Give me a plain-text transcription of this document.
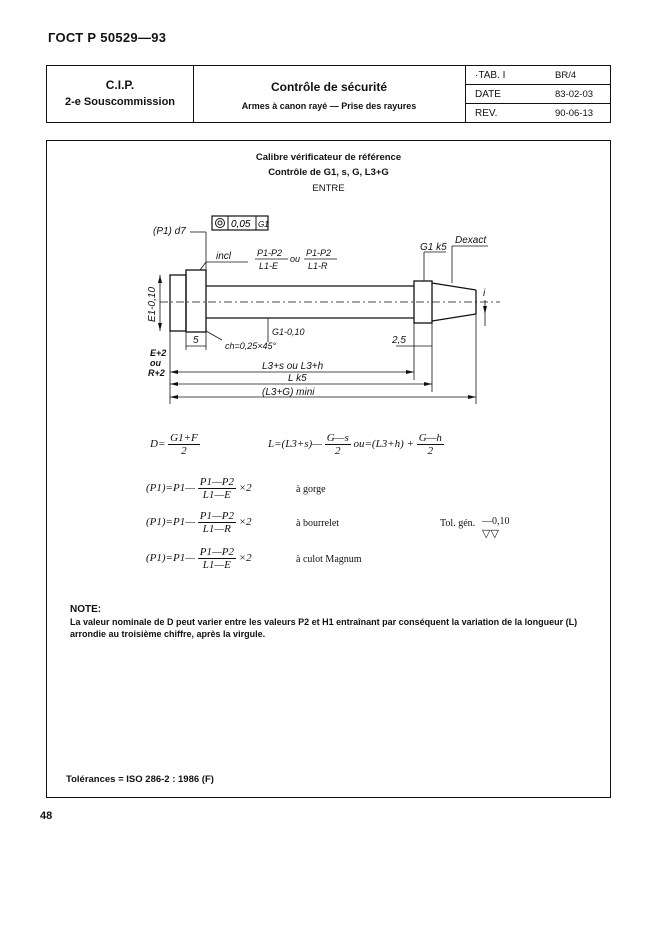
ГОСТ Р 50529—93
C.I.P.
2-e Souscommission
Contrôle de sécurité
Armes à canon rayé — Prise des rayures
·TAB. I	BR/4
DATE	83-02-03
REV.	90-06-13
Calibre vérificateur de référence
Contrôle de G1, s, G, L3+G
ENTRE
0,05 G1
(P1) d7
incl	P1-P2
L1-E
ou
P1-P2
L1-R
G1 k5
Dexact
i
G1-0,10
ch=0,25×45°
5	2,5
E+2
ou
R+2
L3+s ou L3+h
L k5
(L3+G) mini
E1-0,10
$D= \frac{G1+F}{2}$	L=(L3+s)— $\frac{G—s}{2} ou=(L3+h) + \frac{G—h}{2}$
(P1)=P1— $\frac{P1—P2}{L1—E} \times 2$	à gorge
(P1)=P1— $\frac{P1—P2}{L1—R} \times 2$	à bourrelet	Tol. gén. —0,10
▽▽
(P1)=P1— $\frac{P1—P2}{L1—E} \times 2$	à culot Magnum
NOTE:
La valeur nominale de D peut varier entre les valeurs P2 et H1 entraînant par conséquent la variation de la longueur (L) arrondie au troisième chiffre, après la virgule.
Tolérances = ISO 286-2 : 1986 (F)
48
